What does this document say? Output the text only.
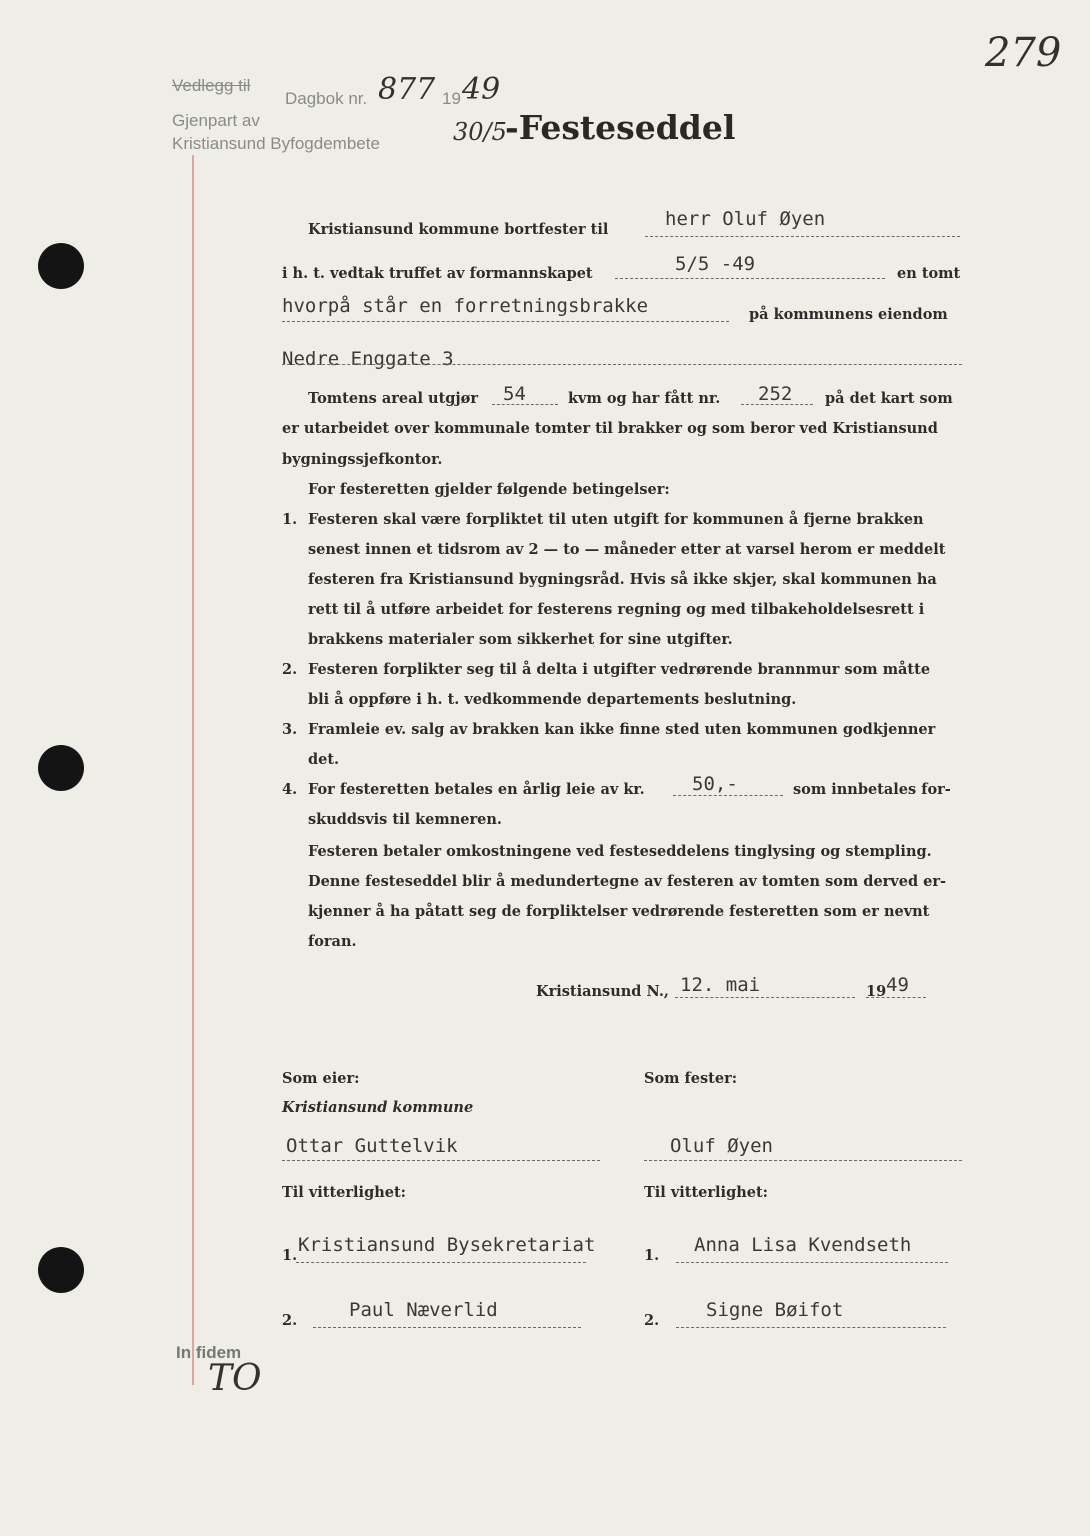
279
Vedlegg til
Dagbok nr. 877 19 49
Gjenpart av
Kristiansund Byfogdembete	30/5
-Festeseddel
Kristiansund kommune bortfester til	herr Oluf Øyen
i h. t. vedtak truffet av formannskapet	5/5 -49	en tomt
hvorpå står en forretningsbrakke	på kommunens eiendom
Nedre Enggate 3
Tomtens areal utgjør 54	kvm og har fått nr. 252 på det kart som
er utarbeidet over kommunale tomter til brakker og som beror ved Kristiansund
bygningssjefkontor.
For festeretten gjelder følgende betingelser:
1. Festeren skal være forpliktet til uten utgift for kommunen å fjerne brakken
senest innen et tidsrom av 2 — to — måneder etter at varsel herom er meddelt
festeren fra Kristiansund bygningsråd. Hvis så ikke skjer, skal kommunen ha
rett til å utføre arbeidet for festerens regning og med tilbakeholdelsesrett i
brakkens materialer som sikkerhet for sine utgifter.
2. Festeren forplikter seg til å delta i utgifter vedrørende brannmur som måtte
bli å oppføre i h. t. vedkommende departements beslutning.
3. Framleie ev. salg av brakken kan ikke finne sted uten kommunen godkjenner
det.
4. For festeretten betales en årlig leie av kr. 50,-	som innbetales for-
skuddsvis til kemneren.
Festeren betaler omkostningene ved festeseddelens tinglysing og stempling.
Denne festeseddel blir å medundertegne av festeren av tomten som derved er-
kjenner å ha påtatt seg de forpliktelser vedrørende festeretten som er nevnt
foran.
Kristiansund N., 12. mai	19 49
Som eier:
Kristiansund kommune
Ottar Guttelvik
Som fester:
Oluf Øyen
Til vitterlighet:	Til vitterlighet:
1. Kristiansund Bysekretariat	1. Anna Lisa Kvendseth
2.	Paul Næverlid	2. Signe Bøifot
In fidem
TO
